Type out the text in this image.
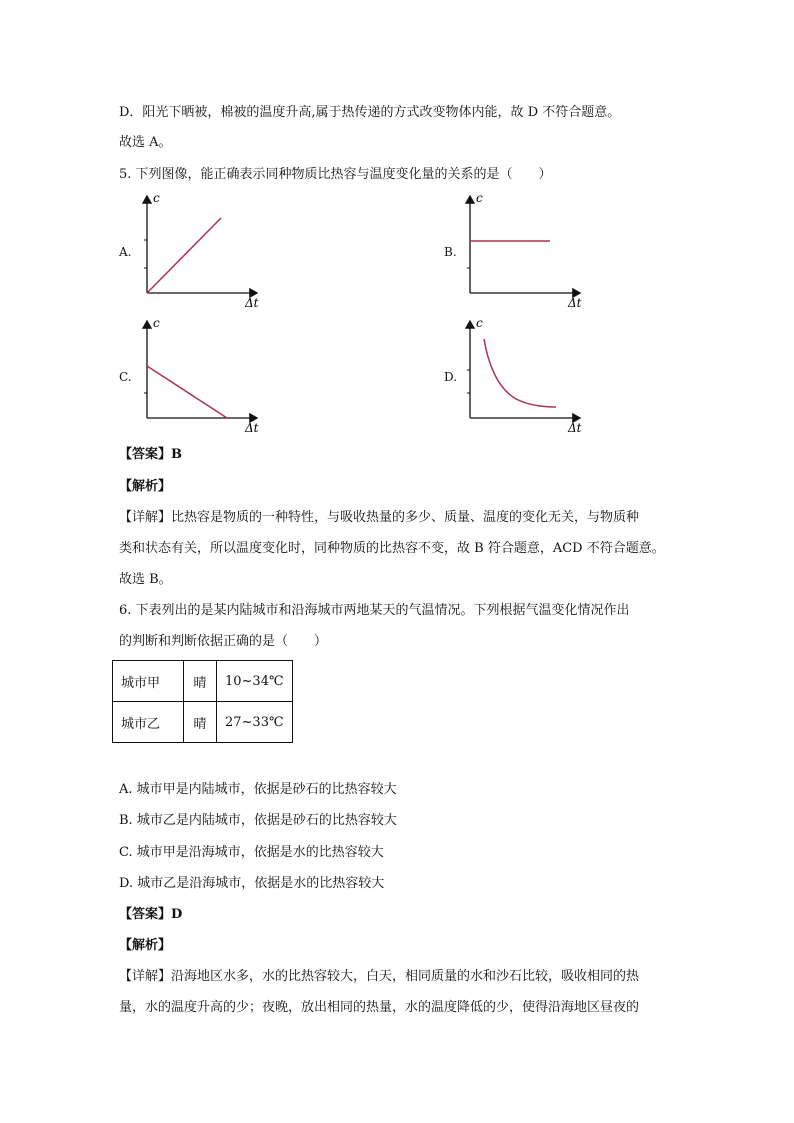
D．阳光下晒被，棉被的温度升高,属于热传递的方式改变物体内能，故 D 不符合题意。
故选 A。
5. 下列图像，能正确表示同种物质比热容与温度变化量的关系的是（　　）
A.
c
Δt
B.
c
Δt
C.
c
Δt
D.
c
Δt
【答案】B
【解析】
【详解】比热容是物质的一种特性，与吸收热量的多少、质量、温度的变化无关，与物质种
类和状态有关，所以温度变化时，同种物质的比热容不变，故 B 符合题意，ACD 不符合题意。
故选 B。
6. 下表列出的是某内陆城市和沿海城市两地某天的气温情况。下列根据气温变化情况作出
的判断和判断依据正确的是（　　）
城市甲	晴	10~34℃
城市乙	晴	27~33℃
A. 城市甲是内陆城市，依据是砂石的比热容较大
B. 城市乙是内陆城市，依据是砂石的比热容较大
C. 城市甲是沿海城市，依据是水的比热容较大
D. 城市乙是沿海城市，依据是水的比热容较大
【答案】D
【解析】
【详解】沿海地区水多，水的比热容较大，白天，相同质量的水和沙石比较，吸收相同的热
量，水的温度升高的少；夜晚，放出相同的热量，水的温度降低的少，使得沿海地区昼夜的
